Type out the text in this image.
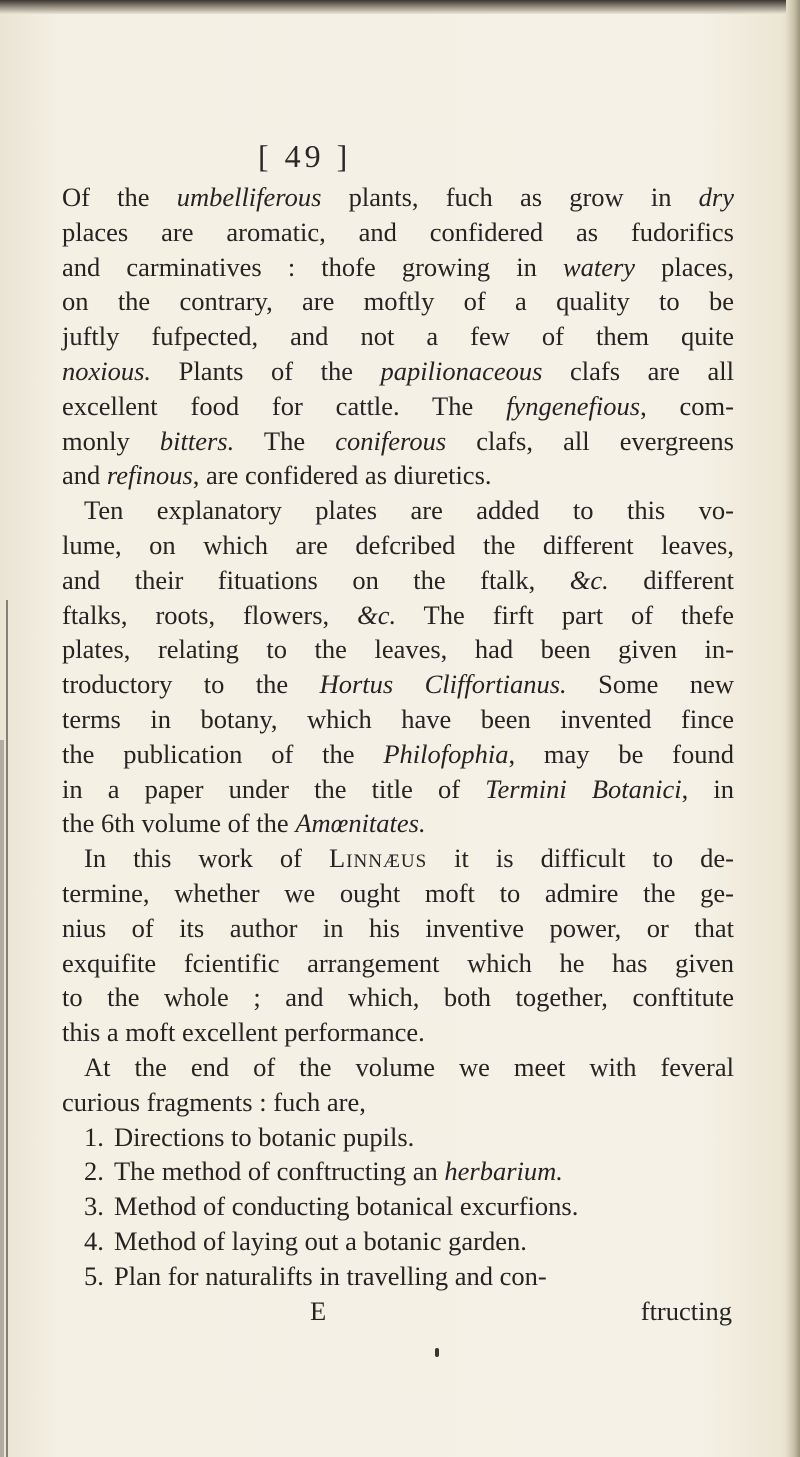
[ 49 ]
Of the umbelliferous plants, fuch as grow in dry
places are aromatic, and confidered as fudorifics
and carminatives : thofe growing in watery places,
on the contrary, are moftly of a quality to be
juftly fufpected, and not a few of them quite
noxious. Plants of the papilionaceous clafs are all
excellent food for cattle. The fyngenefious, com-
monly bitters. The coniferous clafs, all evergreens
and refinous, are confidered as diuretics.
Ten explanatory plates are added to this vo-
lume, on which are defcribed the different leaves,
and their fituations on the ftalk, &c. different
ftalks, roots, flowers, &c. The firft part of thefe
plates, relating to the leaves, had been given in-
troductory to the Hortus Cliffortianus. Some new
terms in botany, which have been invented fince
the publication of the Philofophia, may be found
in a paper under the title of Termini Botanici, in
the 6th volume of the Amœnitates.
In this work of Linnæus it is difficult to de-
termine, whether we ought moft to admire the ge-
nius of its author in his inventive power, or that
exquifite fcientific arrangement which he has given
to the whole ; and which, both together, conftitute
this a moft excellent performance.
At the end of the volume we meet with feveral
curious fragments : fuch are,
1. Directions to botanic pupils.
2. The method of conftructing an herbarium.
3. Method of conducting botanical excurfions.
4. Method of laying out a botanic garden.
5. Plan for naturalifts in travelling and con-
E	ftructing
